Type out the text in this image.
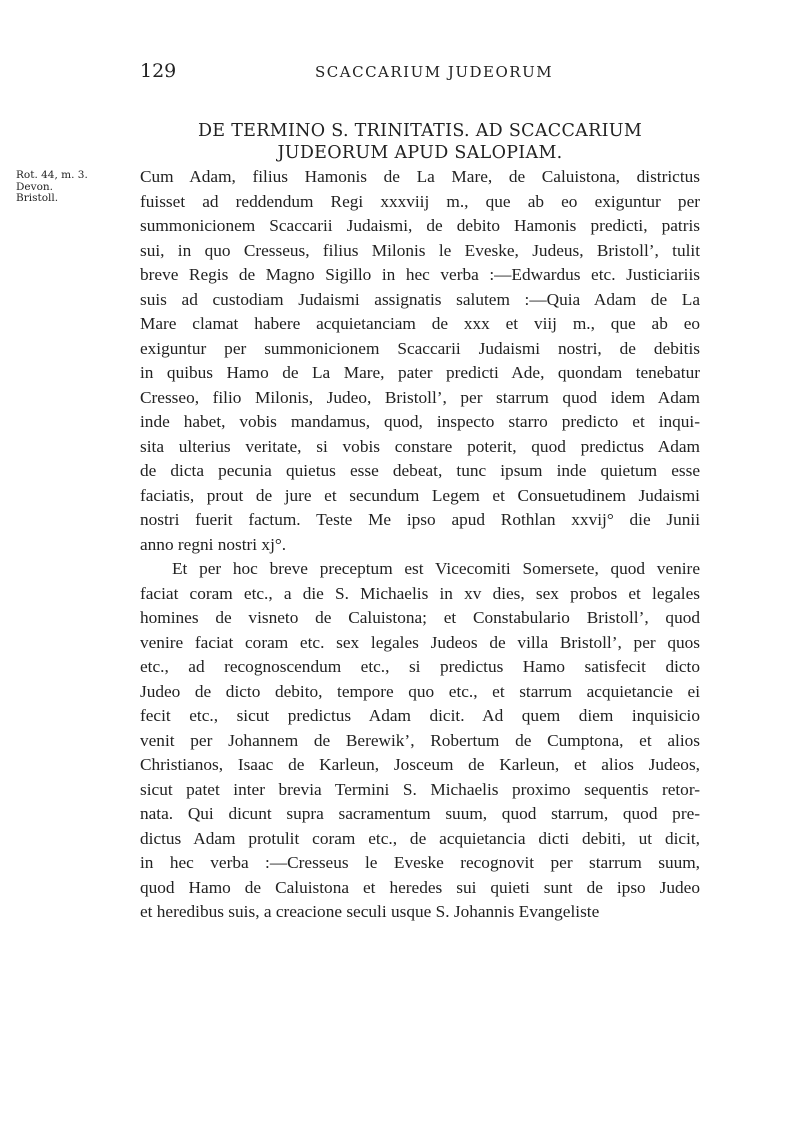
129	SCACCARIUM JUDEORUM
DE TERMINO S. TRINITATIS. AD SCACCARIUM
JUDEORUM APUD SALOPIAM.
Rot. 44, m. 3.
Devon.
Bristoll.
Cum Adam, filius Hamonis de La Mare, de Caluistona, districtus
fuisset ad reddendum Regi xxxviij m., que ab eo exiguntur per
summonicionem Scaccarii Judaismi, de debito Hamonis predicti, patris
sui, in quo Cresseus, filius Milonis le Eveske, Judeus, Bristoll’, tulit
breve Regis de Magno Sigillo in hec verba :—Edwardus etc. Justiciariis
suis ad custodiam Judaismi assignatis salutem :—Quia Adam de La
Mare clamat habere acquietanciam de xxx et viij m., que ab eo
exiguntur per summonicionem Scaccarii Judaismi nostri, de debitis
in quibus Hamo de La Mare, pater predicti Ade, quondam tenebatur
Cresseo, filio Milonis, Judeo, Bristoll’, per starrum quod idem Adam
inde habet, vobis mandamus, quod, inspecto starro predicto et inqui-
sita ulterius veritate, si vobis constare poterit, quod predictus Adam
de dicta pecunia quietus esse debeat, tunc ipsum inde quietum esse
faciatis, prout de jure et secundum Legem et Consuetudinem Judaismi
nostri fuerit factum. Teste Me ipso apud Rothlan xxvij° die Junii
anno regni nostri xj°.
Et per hoc breve preceptum est Vicecomiti Somersete, quod venire
faciat coram etc., a die S. Michaelis in xv dies, sex probos et legales
homines de visneto de Caluistona; et Constabulario Bristoll’, quod
venire faciat coram etc. sex legales Judeos de villa Bristoll’, per quos
etc., ad recognoscendum etc., si predictus Hamo satisfecit dicto
Judeo de dicto debito, tempore quo etc., et starrum acquietancie ei
fecit etc., sicut predictus Adam dicit. Ad quem diem inquisicio
venit per Johannem de Berewik’, Robertum de Cumptona, et alios
Christianos, Isaac de Karleun, Josceum de Karleun, et alios Judeos,
sicut patet inter brevia Termini S. Michaelis proximo sequentis retor-
nata. Qui dicunt supra sacramentum suum, quod starrum, quod pre-
dictus Adam protulit coram etc., de acquietancia dicti debiti, ut dicit,
in hec verba :—Cresseus le Eveske recognovit per starrum suum,
quod Hamo de Caluistona et heredes sui quieti sunt de ipso Judeo
et heredibus suis, a creacione seculi usque S. Johannis Evangeliste
